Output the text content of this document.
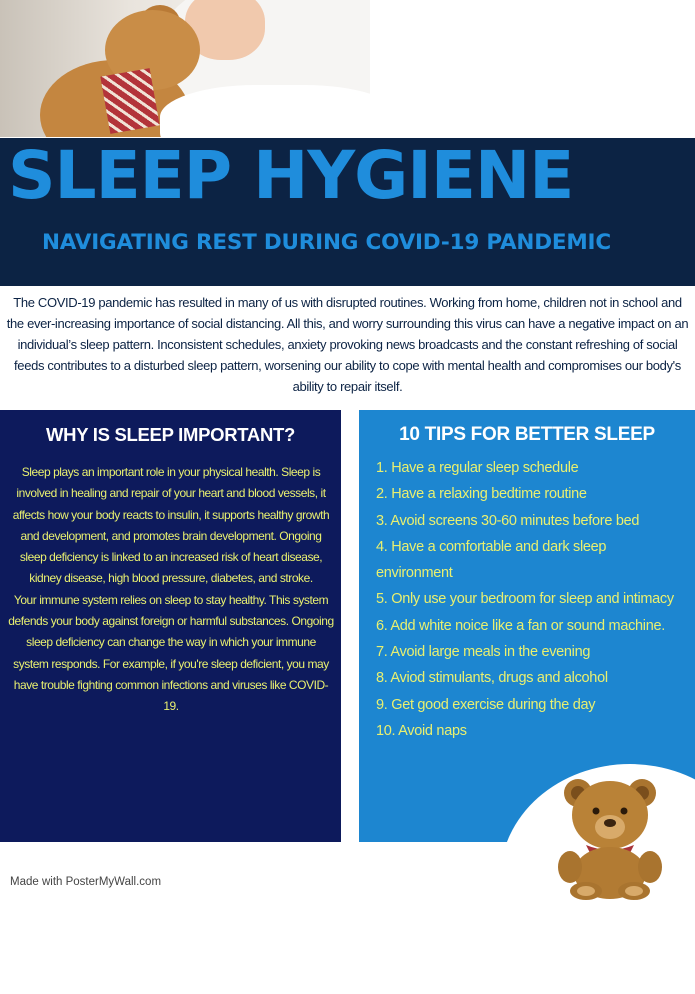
SLEEP HYGIENE
NAVIGATING REST DURING COVID-19 PANDEMIC

The COVID-19 pandemic has resulted in many of us with disrupted routines. Working from home, children not in school and the ever-increasing importance of social distancing. All this, and worry surrounding this virus can have a negative impact on an individual’s sleep pattern. Inconsistent schedules, anxiety provoking news broadcasts and the constant refreshing of social feeds contributes to a disturbed sleep pattern, worsening our ability to cope with mental health and compromises our body's ability to repair itself.

WHY IS SLEEP IMPORTANT?

Sleep plays an important role in your physical health. Sleep is involved in healing and repair of your heart and blood vessels, it affects how your body reacts to insulin, it supports healthy growth and development, and promotes brain development. Ongoing sleep deficiency is linked to an increased risk of heart disease, kidney disease, high blood pressure, diabetes, and stroke.

Your immune system relies on sleep to stay healthy. This system defends your body against foreign or harmful substances. Ongoing sleep deficiency can change the way in which your immune system responds. For example, if you're sleep deficient, you may have trouble fighting common infections and viruses like COVID-19.

10 TIPS FOR BETTER SLEEP
1. Have a regular sleep schedule
2. Have a relaxing bedtime routine
3. Avoid screens 30-60 minutes before bed
4. Have a comfortable and dark sleep environment
5. Only use your bedroom for sleep and intimacy
6. Add white noice like a fan or sound machine.
7. Avoid large meals in the evening
8. Aviod stimulants, drugs and alcohol
9. Get good exercise during the day
10. Avoid naps

Made with PosterMyWall.com
